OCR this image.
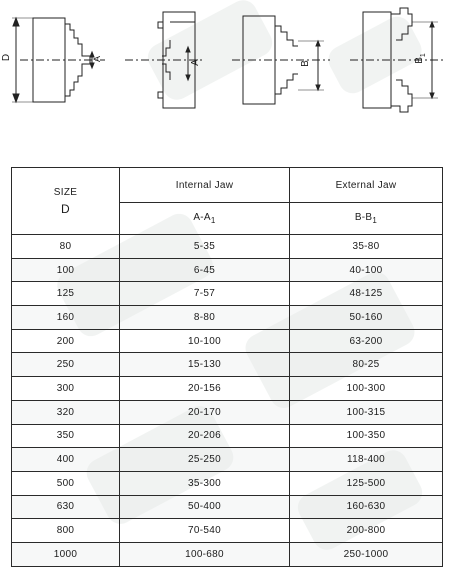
D	A
A	B	$B_1$
SIZE
D	Internal Jaw	External Jaw
	$A-A_1$	$B-B_1$
80	5-35	35-80
100	6-45	40-100
125	7-57	48-125
160	8-80	50-160
200	10-100	63-200
250	15-130	80-25
300	20-156	100-300
320	20-170	100-315
350	20-206	100-350
400	25-250	118-400
500	35-300	125-500
630	50-400	160-630
800	70-540	200-800
1000	100-680	250-1000
